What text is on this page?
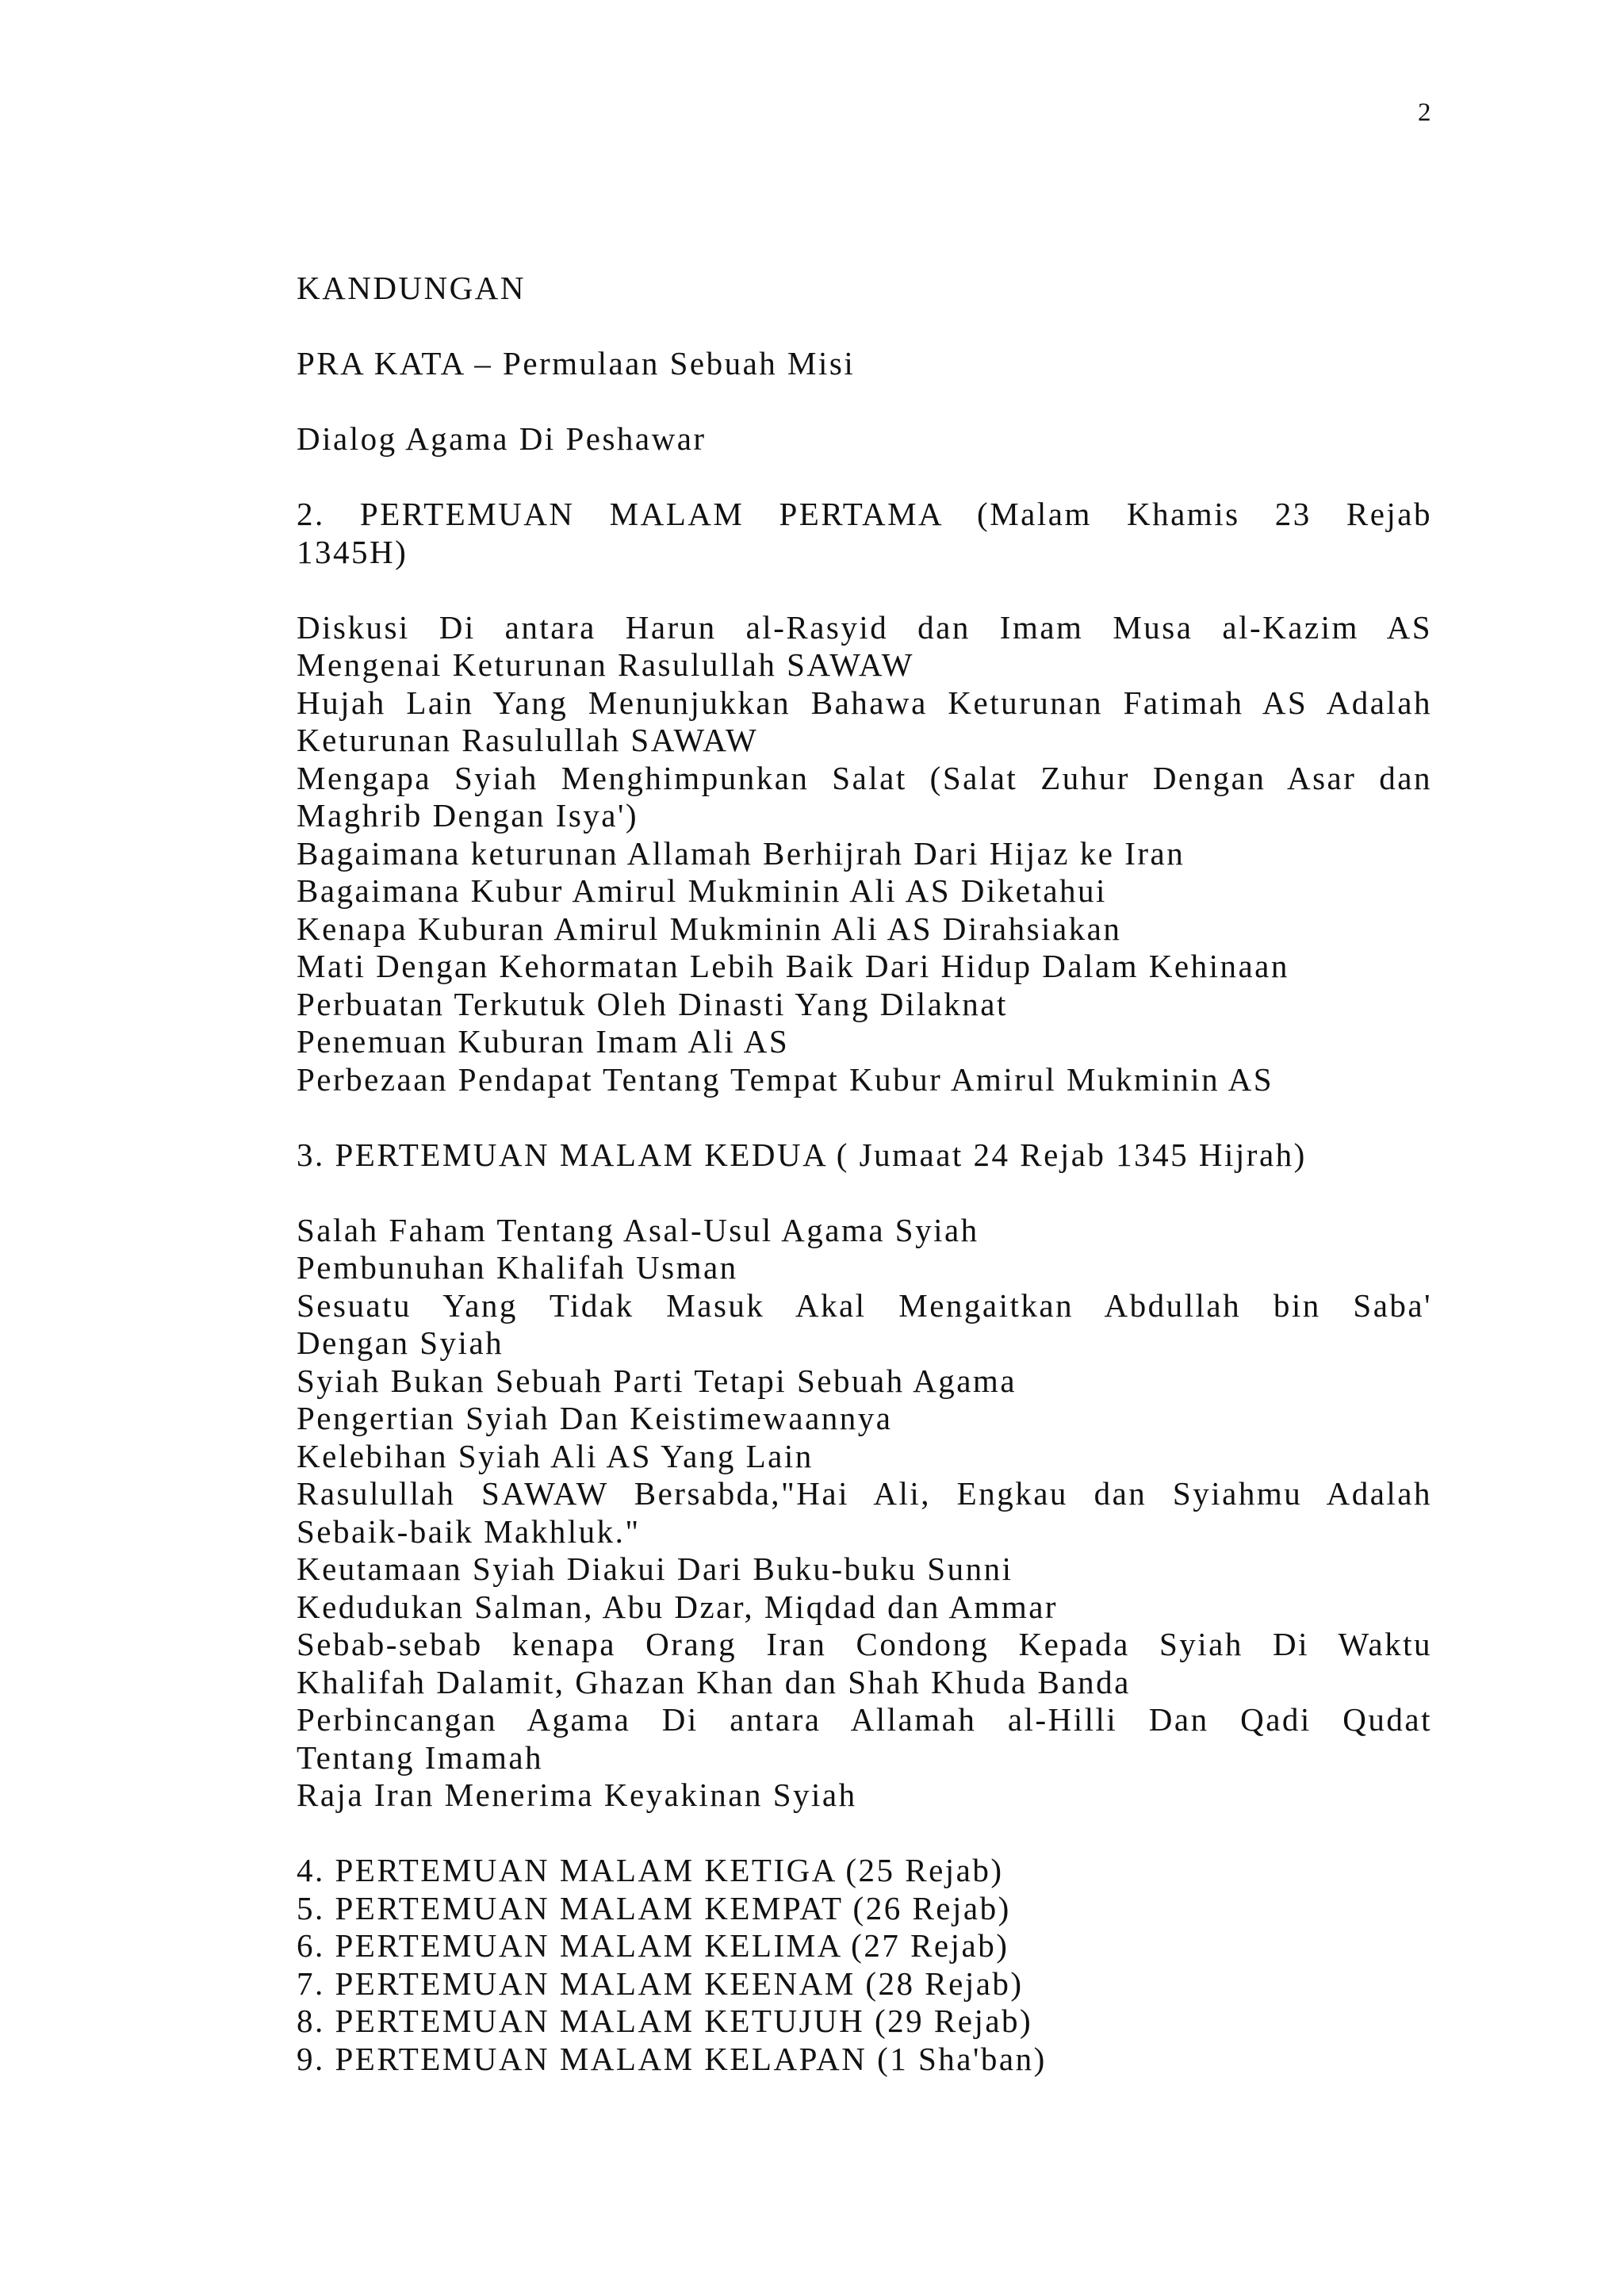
2
KANDUNGAN
PRA KATA – Permulaan Sebuah Misi
Dialog Agama Di Peshawar
2. PERTEMUAN MALAM PERTAMA (Malam Khamis 23 Rejab
1345H)
Diskusi Di antara Harun al-Rasyid dan Imam Musa al-Kazim AS
Mengenai Keturunan Rasulullah SAWAW
Hujah Lain Yang Menunjukkan Bahawa Keturunan Fatimah AS Adalah
Keturunan Rasulullah SAWAW
Mengapa Syiah Menghimpunkan Salat (Salat Zuhur Dengan Asar dan
Maghrib Dengan Isya')
Bagaimana keturunan Allamah Berhijrah Dari Hijaz ke Iran
Bagaimana Kubur Amirul Mukminin Ali AS Diketahui
Kenapa Kuburan Amirul Mukminin Ali AS Dirahsiakan
Mati Dengan Kehormatan Lebih Baik Dari Hidup Dalam Kehinaan
Perbuatan Terkutuk Oleh Dinasti Yang Dilaknat
Penemuan Kuburan Imam Ali AS
Perbezaan Pendapat Tentang Tempat Kubur Amirul Mukminin AS
3. PERTEMUAN MALAM KEDUA ( Jumaat 24 Rejab 1345 Hijrah)
Salah Faham Tentang Asal-Usul Agama Syiah
Pembunuhan Khalifah Usman
Sesuatu Yang Tidak Masuk Akal Mengaitkan Abdullah bin Saba'
Dengan Syiah
Syiah Bukan Sebuah Parti Tetapi Sebuah Agama
Pengertian Syiah Dan Keistimewaannya
Kelebihan Syiah Ali AS Yang Lain
Rasulullah SAWAW Bersabda,"Hai Ali, Engkau dan Syiahmu Adalah
Sebaik-baik Makhluk."
Keutamaan Syiah Diakui Dari Buku-buku Sunni
Kedudukan Salman, Abu Dzar, Miqdad dan Ammar
Sebab-sebab kenapa Orang Iran Condong Kepada Syiah Di Waktu
Khalifah Dalamit, Ghazan Khan dan Shah Khuda Banda
Perbincangan Agama Di antara Allamah al-Hilli Dan Qadi Qudat
Tentang Imamah
Raja Iran Menerima Keyakinan Syiah
4. PERTEMUAN MALAM KETIGA (25 Rejab)
5. PERTEMUAN MALAM KEMPAT (26 Rejab)
6. PERTEMUAN MALAM KELIMA (27 Rejab)
7. PERTEMUAN MALAM KEENAM (28 Rejab)
8. PERTEMUAN MALAM KETUJUH (29 Rejab)
9. PERTEMUAN MALAM KELAPAN (1 Sha'ban)
